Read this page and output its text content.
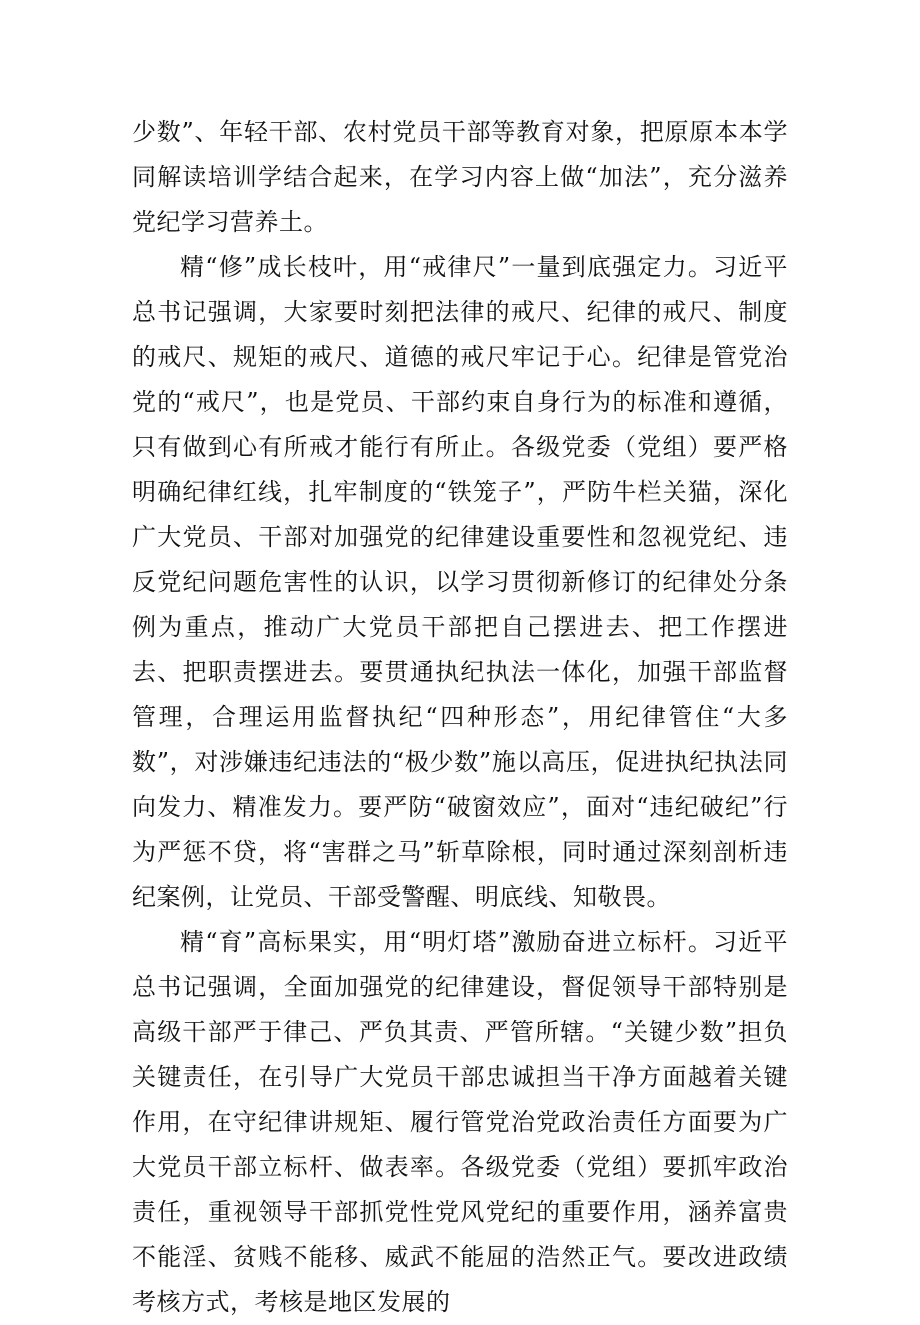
少数”、年轻干部、农村党员干部等教育对象，把原原本本学同解读培训学结合起来，在学习内容上做“加法”，充分滋养党纪学习营养土。

精“修”成长枝叶，用“戒律尺”一量到底强定力。习近平总书记强调，大家要时刻把法律的戒尺、纪律的戒尺、制度的戒尺、规矩的戒尺、道德的戒尺牢记于心。纪律是管党治党的“戒尺”，也是党员、干部约束自身行为的标准和遵循，只有做到心有所戒才能行有所止。各级党委（党组）要严格明确纪律红线，扎牢制度的“铁笼子”，严防牛栏关猫，深化广大党员、干部对加强党的纪律建设重要性和忽视党纪、违反党纪问题危害性的认识，以学习贯彻新修订的纪律处分条例为重点，推动广大党员干部把自己摆进去、把工作摆进去、把职责摆进去。要贯通执纪执法一体化，加强干部监督管理，合理运用监督执纪“四种形态”，用纪律管住“大多数”，对涉嫌违纪违法的“极少数”施以高压，促进执纪执法同向发力、精准发力。要严防“破窗效应”，面对“违纪破纪”行为严惩不贷，将“害群之马”斩草除根，同时通过深刻剖析违纪案例，让党员、干部受警醒、明底线、知敬畏。

精“育”高标果实，用“明灯塔”激励奋进立标杆。习近平总书记强调，全面加强党的纪律建设，督促领导干部特别是高级干部严于律己、严负其责、严管所辖。“关键少数”担负关键责任，在引导广大党员干部忠诚担当干净方面越着关键作用，在守纪律讲规矩、履行管党治党政治责任方面要为广大党员干部立标杆、做表率。各级党委（党组）要抓牢政治责任，重视领导干部抓党性党风党纪的重要作用，涵养富贵不能淫、贫贱不能移、威武不能屈的浩然正气。要改进政绩考核方式，考核是地区发展的
